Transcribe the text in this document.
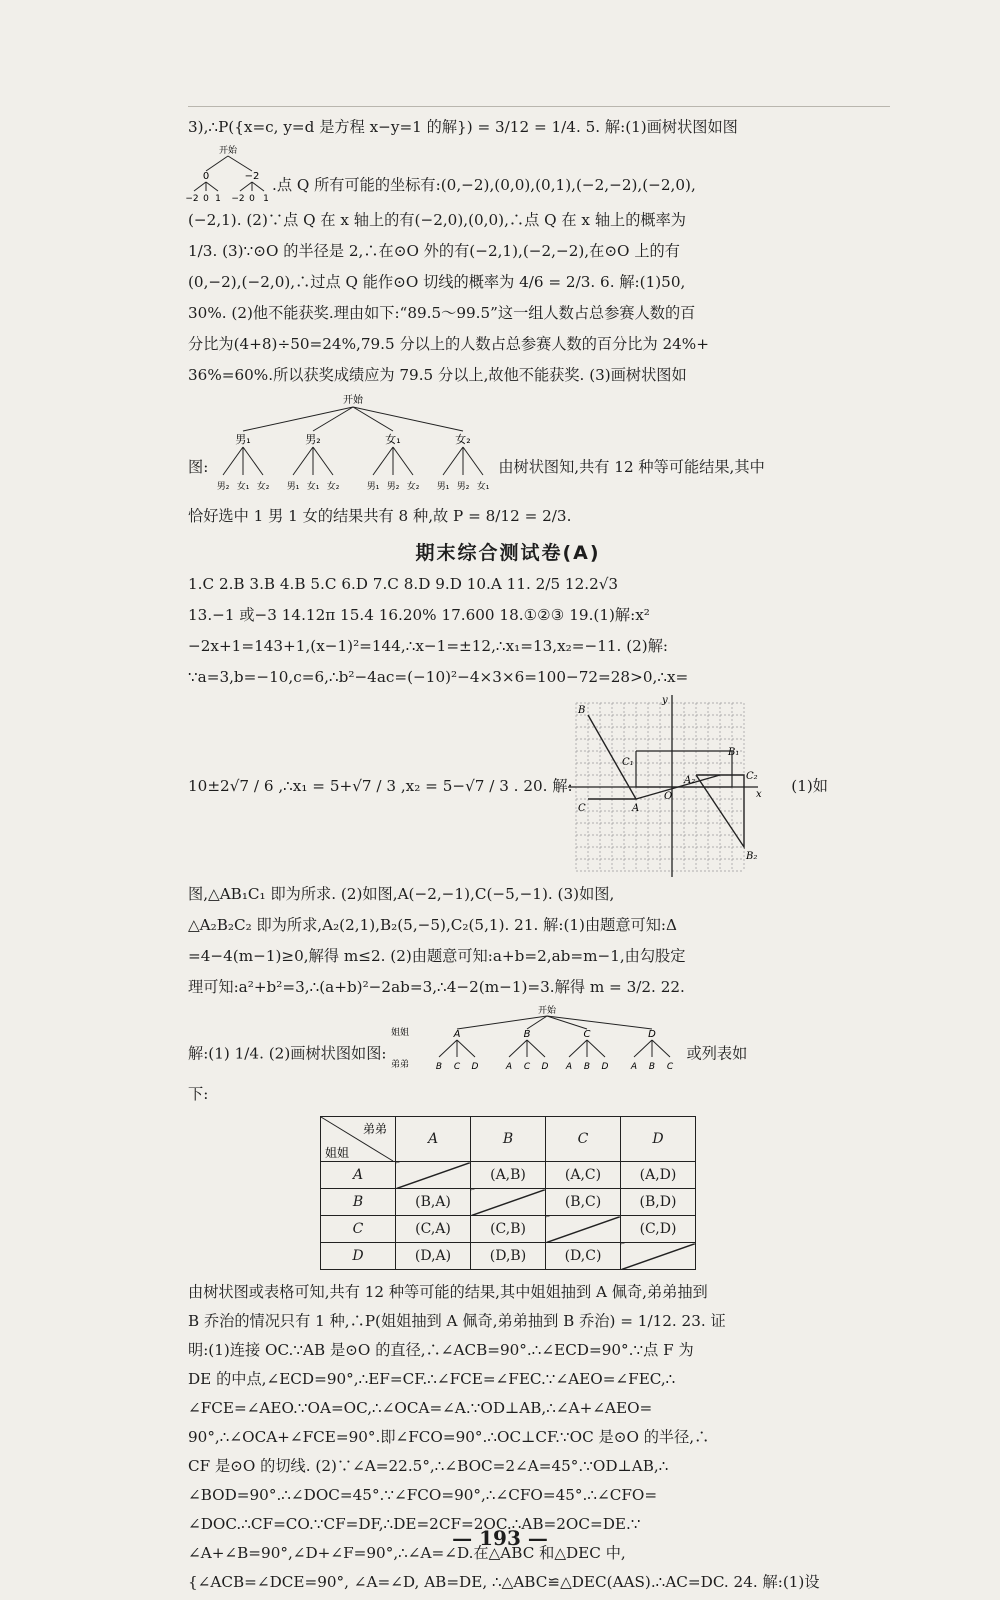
3),∴P({x=c, y=d 是方程 x−y=1 的解}) = 3/12 = 1/4. 5. 解:(1)画树状图如图
开始
0	−2
−2 0 1 −2 0 1
.点 Q 所有可能的坐标有:(0,−2),(0,0),(0,1),(−2,−2),(−2,0),
(−2,1). (2)∵点 Q 在 x 轴上的有(−2,0),(0,0),∴点 Q 在 x 轴上的概率为
1/3. (3)∵⊙O 的半径是 2,∴在⊙O 外的有(−2,1),(−2,−2),在⊙O 上的有
(0,−2),(−2,0),∴过点 Q 能作⊙O 切线的概率为 4/6 = 2/3. 6. 解:(1)50,
30%. (2)他不能获奖.理由如下:“89.5～99.5”这一组人数占总参赛人数的百
分比为(4+8)÷50=24%,79.5 分以上的人数占总参赛人数的百分比为 24%+
36%=60%.所以获奖成绩应为 79.5 分以上,故他不能获奖. (3)画树状图如
图:
开始
男₁	男₂	女₁	女₂
男₂ 女₁ 女₂ 男₁ 女₁ 女₂	男₁ 男₂ 女₂ 男₁ 男₂ 女₁
由树状图知,共有 12 种等可能结果,其中
恰好选中 1 男 1 女的结果共有 8 种,故 P = 8/12 = 2/3.
期末综合测试卷(A)
1.C 2.B 3.B 4.B 5.C 6.D 7.C 8.D 9.D 10.A 11. 2/5 12.2√3
13.−1 或−3 14.12π 15.4 16.20% 17.600 18.①②③ 19.(1)解:x²
−2x+1=143+1,(x−1)²=144,∴x−1=±12,∴x₁=13,x₂=−11. (2)解:
∵a=3,b=−10,c=6,∴b²−4ac=(−10)²−4×3×6=100−72=28>0,∴x=
10±2√7 / 6 ,∴x₁ = 5+√7 / 3 ,x₂ = 5−√7 / 3 . 20. 解:	(1)如
B
C₁
B₁
A₂	C₂
O	x
y
C	A
B₂
图,△AB₁C₁ 即为所求. (2)如图,A(−2,−1),C(−5,−1). (3)如图,
△A₂B₂C₂ 即为所求,A₂(2,1),B₂(5,−5),C₂(5,1). 21. 解:(1)由题意可知:Δ
=4−4(m−1)≥0,解得 m≤2. (2)由题意可知:a+b=2,ab=m−1,由勾股定
理可知:a²+b²=3,∴(a+b)²−2ab=3,∴4−2(m−1)=3.解得 m = 3/2. 22.
解:(1) 1/4. (2)画树状图如图:
开始
姐姐
弟弟
A	B	C	D
B C D	A C D A B D A B C
或列表如
下:
弟弟
姐姐	A	B	C	D
A		(A,B)	(A,C)	(A,D)
B	(B,A)		(B,C)	(B,D)
C	(C,A)	(C,B)		(C,D)
D	(D,A)	(D,B)	(D,C)	
由树状图或表格可知,共有 12 种等可能的结果,其中姐姐抽到 A 佩奇,弟弟抽到
B 乔治的情况只有 1 种,∴P(姐姐抽到 A 佩奇,弟弟抽到 B 乔治) = 1/12. 23. 证
明:(1)连接 OC.∵AB 是⊙O 的直径,∴∠ACB=90°.∴∠ECD=90°.∵点 F 为
DE 的中点,∠ECD=90°,∴EF=CF.∴∠FCE=∠FEC.∵∠AEO=∠FEC,∴
∠FCE=∠AEO.∵OA=OC,∴∠OCA=∠A.∵OD⊥AB,∴∠A+∠AEO=
90°,∴∠OCA+∠FCE=90°.即∠FCO=90°.∴OC⊥CF.∵OC 是⊙O 的半径,∴
CF 是⊙O 的切线. (2)∵∠A=22.5°,∴∠BOC=2∠A=45°.∵OD⊥AB,∴
∠BOD=90°.∴∠DOC=45°.∵∠FCO=90°,∴∠CFO=45°.∴∠CFO=
∠DOC.∴CF=CO.∵CF=DF,∴DE=2CF=2OC.∴AB=2OC=DE.∵
∠A+∠B=90°,∠D+∠F=90°,∴∠A=∠D.在△ABC 和△DEC 中,
{∠ACB=∠DCE=90°, ∠A=∠D, AB=DE, ∴△ABC≌△DEC(AAS).∴AC=DC. 24. 解:(1)设
— 193 —
